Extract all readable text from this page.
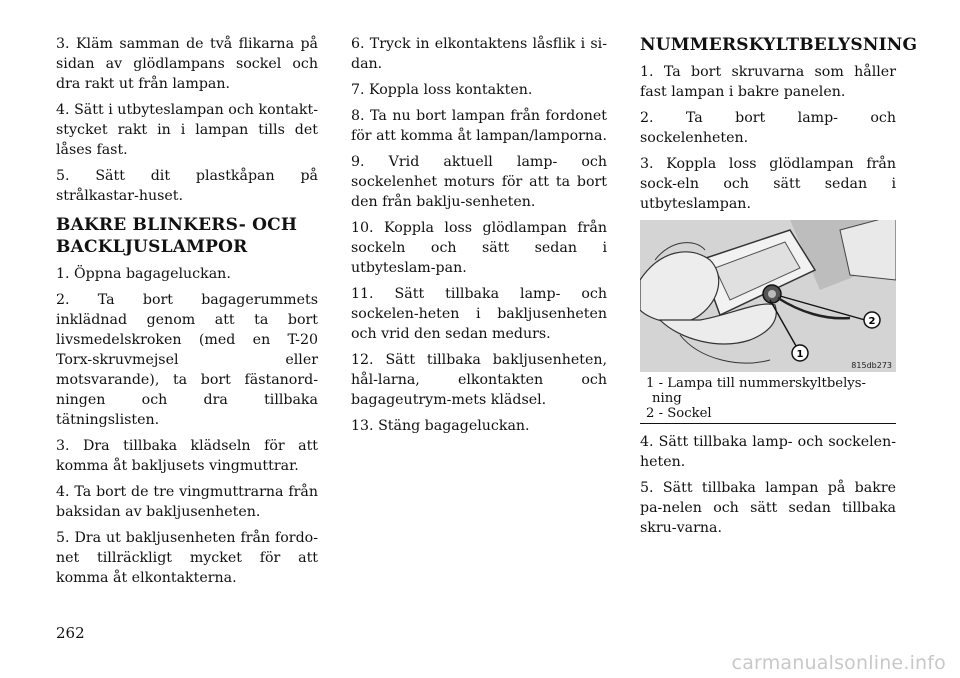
3. Kläm samman de två flikarna på sidan av glödlampans sockel och dra rakt ut från lampan.

4. Sätt i utbyteslampan och kontakt-stycket rakt in i lampan tills det låses fast.

5. Sätt dit plastkåpan på strålkastar-huset.

BAKRE BLINKERS- OCH
BACKLJUSLAMPOR

1. Öppna bagageluckan.

2. Ta bort bagagerummets inklädnad genom att ta bort livsmedelskroken (med en T-20 Torx-skruvmejsel eller motsvarande), ta bort fästanord-ningen och dra tillbaka tätningslisten.

3. Dra tillbaka klädseln för att komma åt bakljusets vingmuttrar.

4. Ta bort de tre vingmuttrarna från baksidan av bakljusenheten.

5. Dra ut bakljusenheten från fordo-net tillräckligt mycket för att komma åt elkontakterna.

6. Tryck in elkontaktens låsflik i si-dan.

7. Koppla loss kontakten.

8. Ta nu bort lampan från fordonet för att komma åt lampan/lamporna.

9. Vrid aktuell lamp- och sockelenhet moturs för att ta bort den från baklju-senheten.

10. Koppla loss glödlampan från sockeln och sätt sedan i utbyteslam-pan.

11. Sätt tillbaka lamp- och sockelen-heten i bakljusenheten och vrid den sedan medurs.

12. Sätt tillbaka bakljusenheten, hål-larna, elkontakten och bagageutrym-mets klädsel.

13. Stäng bagageluckan.

NUMMERSKYLTBELYSNING

1. Ta bort skruvarna som håller fast lampan i bakre panelen.

2. Ta bort lamp- och sockelenheten.

3. Koppla loss glödlampan från sock-eln och sätt sedan i utbyteslampan.

1
2
815db273
1 - Lampa till nummerskyltbelys-
ning
2 - Sockel

4. Sätt tillbaka lamp- och sockelen-heten.

5. Sätt tillbaka lampan på bakre pa-nelen och sätt sedan tillbaka skru-varna.

262
carmanualsonline.info
